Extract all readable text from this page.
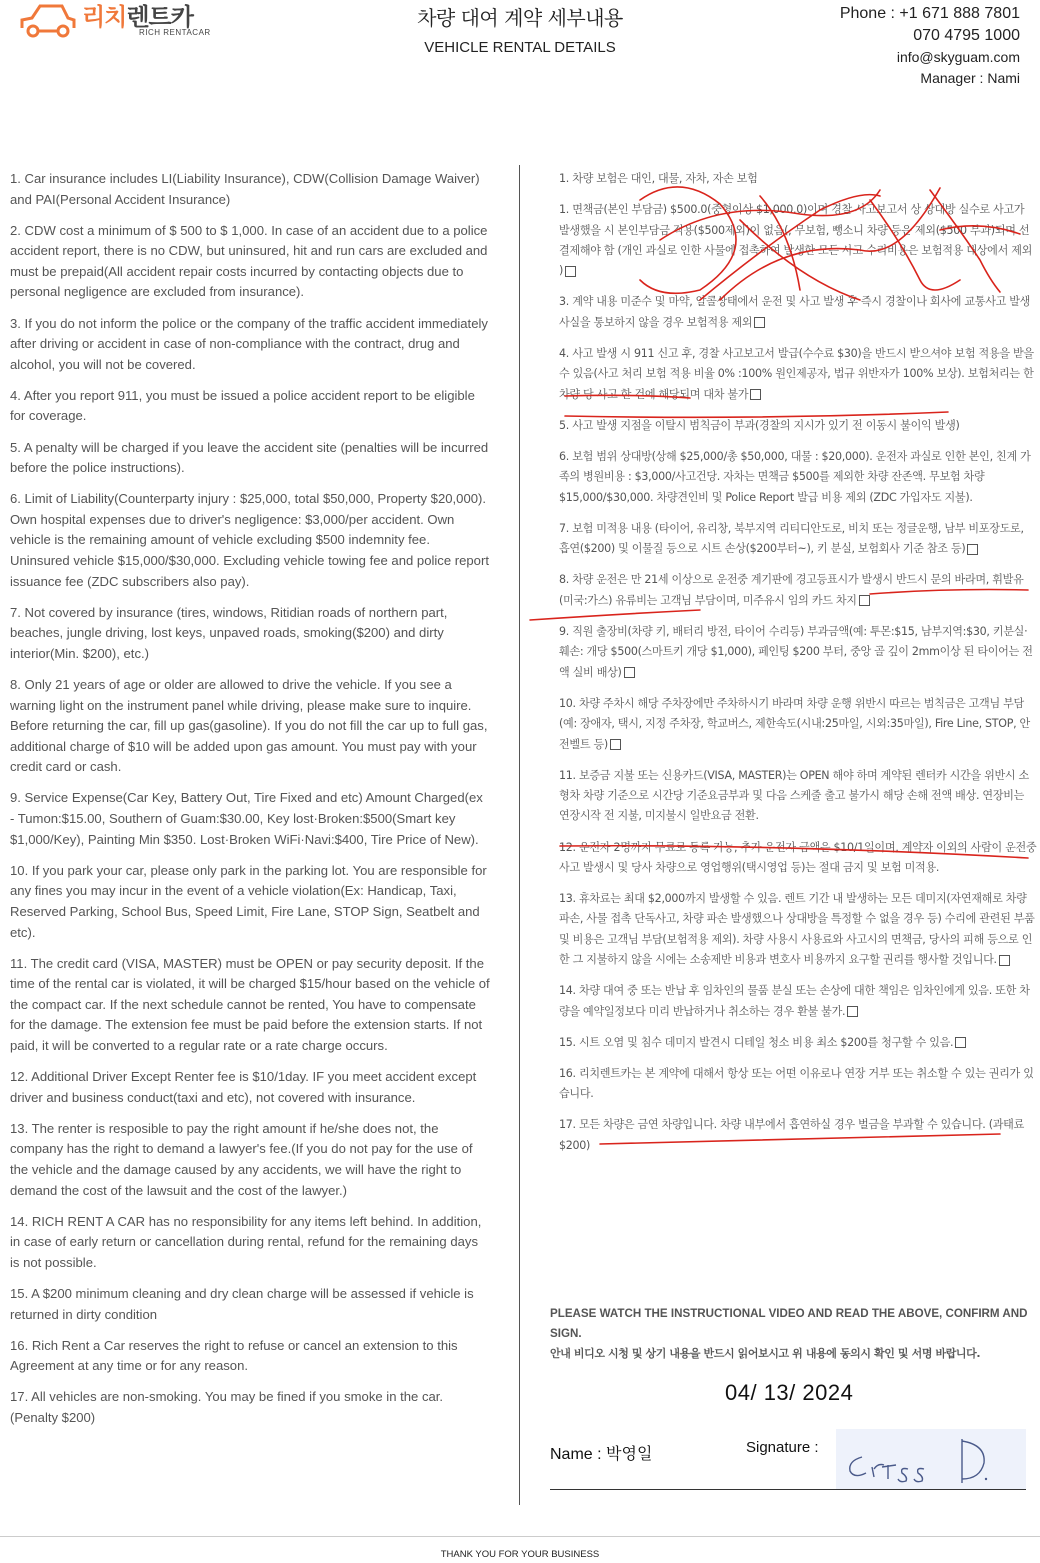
리치렌트카
RICH RENTACAR
차량 대여 계약 세부내용
VEHICLE RENTAL DETAILS
Phone : +1 671 888 7801
070 4795 1000
info@skyguam.com
Manager : Nami

1. Car insurance includes LI(Liability Insurance), CDW(Collision Damage Waiver) and PAI(Personal Accident Insurance)

2. CDW cost a minimum of $ 500 to $ 1,000. In case of an accident due to a police accident report, there is no CDW, but uninsured, hit and run cars are excluded and must be prepaid(All accident repair costs incurred by contacting objects due to personal negligence are excluded from insurance).

3. If you do not inform the police or the company of the traffic accident immediately after driving or accident in case of non-compliance with the contract, drug and alcohol, you will not be covered.

4. After you report 911, you must be issued a police accident report to be eligible for coverage.

5. A penalty will be charged if you leave the accident site (penalties will be incurred before the police instructions).

6. Limit of Liability(Counterparty injury : $25,000, total $50,000, Property $20,000). Own hospital expenses due to driver's negligence: $3,000/per accident. Own vehicle is the remaining amount of vehicle excluding $500 indemnity fee. Uninsured vehicle $15,000/$30,000. Excluding vehicle towing fee and police report issuance fee (ZDC subscribers also pay).

7. Not covered by insurance (tires, windows, Ritidian roads of northern part, beaches, jungle driving, lost keys, unpaved roads, smoking($200) and dirty interior(Min. $200), etc.)

8. Only 21 years of age or older are allowed to drive the vehicle. If you see a warning light on the instrument panel while driving, please make sure to inquire. Before returning the car, fill up gas(gasoline). If you do not fill the car up to full gas, additional charge of $10 will be added upon gas amount. You must pay with your credit card or cash.

9. Service Expense(Car Key, Battery Out, Tire Fixed and etc) Amount Charged(ex - Tumon:$15.00, Southern of Guam:$30.00, Key lost·Broken:$500(Smart key $1,000/Key), Painting Min $350. Lost·Broken WiFi·Navi:$400, Tire Price of New).

10. If you park your car, please only park in the parking lot. You are responsible for any fines you may incur in the event of a vehicle violation(Ex: Handicap, Taxi, Reserved Parking, School Bus, Speed Limit, Fire Lane, STOP Sign, Seatbelt and etc).

11. The credit card (VISA, MASTER) must be OPEN or pay security deposit. If the time of the rental car is violated, it will be charged $15/hour based on the vehicle of the compact car. If the next schedule cannot be rented, You have to compensate for the damage. The extension fee must be paid before the extension starts. If not paid, it will be converted to a regular rate or a rate charge occurs.

12. Additional Driver Except Renter fee is $10/1day. IF you meet accident except driver and business conduct(taxi and etc), not covered with insurance.

13. The renter is resposible to pay the right amount if he/she does not, the company has the right to demand a lawyer's fee.(If you do not pay for the use of the vehicle and the damage caused by any accidents, we will have the right to demand the cost of the lawsuit and the cost of the lawyer.)

14. RICH RENT A CAR has no responsibility for any items left behind. In addition, in case of early return or cancellation during rental, refund for the remaining days is not possible.

15. A $200 minimum cleaning and dry clean charge will be assessed if vehicle is returned in dirty condition

16. Rich Rent a Car reserves the right to refuse or cancel an extension to this Agreement at any time or for any reason.

17. All vehicles are non-smoking. You may be fined if you smoke in the car. (Penalty $200)

1. 차량 보험은 대인, 대물, 자차, 자손 보험

1. 면책금(본인 부담금) $500.0(중형이상 $1,000.0)이며 경찰 사고보고서 상 상대방 실수로 사고가 발생했을 시 본인부담금 적용($500제외)이 없음(, 무보험, 뺑소니 차량 등은 제외($500 부과)되며 선결제해야 함 (개인 과실로 인한 사물에 접촉하여 발생한 모든 사고 수리비용은 보험적용 대상에서 제외 )

3. 계약 내용 미준수 및 마약, 알콜상태에서 운전 및 사고 발생 후 즉시 경찰이나 회사에 교통사고 발생 사실을 통보하지 않을 경우 보험적용 제외

4. 사고 발생 시 911 신고 후, 경찰 사고보고서 발급(수수료 $30)을 반드시 받으셔야 보험 적용을 받을 수 있음(사고 처리 보험 적용 비율 0% :100% 원인제공자, 법규 위반자가 100% 보상). 보험처리는 한 차량 당 사고 한 건에 해당되며 대차 불가

5. 사고 발생 지점을 이탈시 범칙금이 부과(경찰의 지시가 있기 전 이동시 불이익 발생)

6. 보험 범위 상대방(상해 $25,000/총 $50,000, 대물 : $20,000). 운전자 과실로 인한 본인, 친계 가족의 병원비용 : $3,000/사고건당. 자차는 면책금 $500를 제외한 차량 잔존액. 무보험 차량 $15,000/$30,000. 차량견인비 및 Police Report 발급 비용 제외 (ZDC 가입자도 지불).

7. 보험 미적용 내용 (타이어, 유리창, 북부지역 리티디안도로, 비치 또는 정글운행, 남부 비포장도로, 흡연($200) 및 이물질 등으로 시트 손상($200부터~), 키 분실, 보험회사 기준 참조 등)

8. 차량 운전은 만 21세 이상으로 운전중 계기판에 경고등표시가 발생시 반드시 문의 바라며, 휘발유(미국:가스) 유류비는 고객님 부담이며, 미주유시 임의 카드 차지

9. 직원 출장비(차량 키, 배터리 방전, 타이어 수리등) 부과금액(예: 투몬:$15, 남부지역:$30, 키분실·훼손: 개당 $500(스마트키 개당 $1,000), 페인팅 $200 부터, 중앙 골 깊이 2mm이상 된 타이어는 전액 실비 배상)

10. 차량 주차시 해당 주차장에만 주차하시기 바라며 차량 운행 위반시 따르는 범칙금은 고객님 부담 (예: 장애자, 택시, 지정 주차장, 학교버스, 제한속도(시내:25마일, 시외:35마일), Fire Line, STOP, 안전벨트 등)

11. 보증금 지불 또는 신용카드(VISA, MASTER)는 OPEN 해야 하며 계약된 렌터카 시간을 위반시 소형차 차량 기준으로 시간당 기준요금부과 및 다음 스케줄 출고 불가시 해당 손해 전액 배상. 연장비는 연장시작 전 지불, 미지불시 일반요금 전환.

12. 운전자 2명까지 무료로 등록 가능, 추가 운전자 금액은 $10/1일이며, 계약자 이외의 사람이 운전중 사고 발생시 및 당사 차량으로 영업행위(택시영업 등)는 절대 금지 및 보험 미적용.

13. 휴차료는 최대 $2,000까지 발생할 수 있음. 렌트 기간 내 발생하는 모든 데미지(자연재해로 차량 파손, 사물 접촉 단독사고, 차량 파손 발생했으나 상대방을 특정할 수 없을 경우 등) 수리에 관련된 부품 및 비용은 고객님 부담(보험적용 제외). 차량 사용시 사용료와 사고시의 면책금, 당사의 피해 등으로 인한 그 지불하지 않을 시에는 소송제반 비용과 변호사 비용까지 요구할 권리를 행사할 것입니다.

14. 차량 대여 중 또는 반납 후 임차인의 물품 분실 또는 손상에 대한 책임은 임차인에게 있음. 또한 차량을 예약일정보다 미리 반납하거나 취소하는 경우 환불 불가.

15. 시트 오염 및 침수 데미지 발견시 디테일 청소 비용 최소 $200를 청구할 수 있음.

16. 리치렌트카는 본 계약에 대해서 항상 또는 어떤 이유로나 연장 거부 또는 취소할 수 있는 권리가 있습니다.

17. 모든 차량은 금연 차량입니다. 차량 내부에서 흡연하실 경우 벌금을 부과할 수 있습니다. (과태료 $200)

PLEASE WATCH THE INSTRUCTIONAL VIDEO AND READ THE ABOVE, CONFIRM AND SIGN.
안내 비디오 시청 및 상기 내용을 반드시 읽어보시고 위 내용에 동의시 확인 및 서명 바랍니다.
04/ 13/ 2024
Name : 박영일	Signature :
THANK YOU FOR YOUR BUSINESS
